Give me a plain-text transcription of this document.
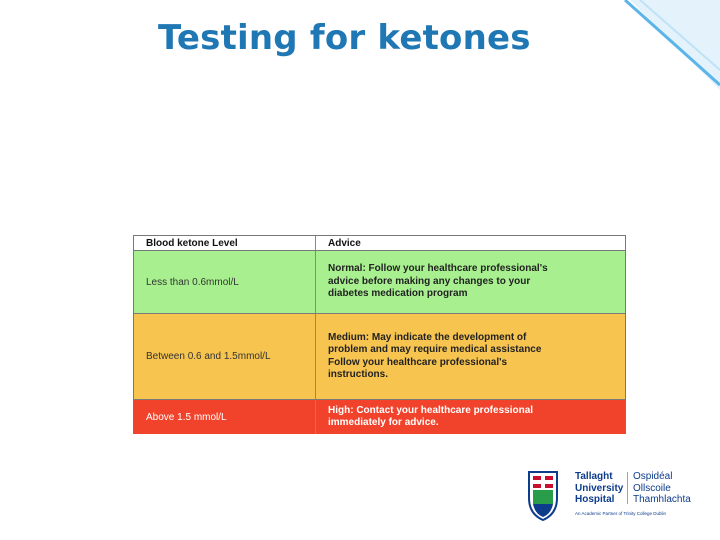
Testing for ketones
Blood ketone Level	Advice
Less than 0.6mmol/L
Normal: Follow your healthcare professional's
advice before making any changes to your
diabetes medication program
Between 0.6 and 1.5mmol/L
Medium: May indicate the development of
problem and may require medical assistance
Follow your healthcare professional's
instructions.
Above 1.5 mmol/L
High: Contact your healthcare professional
immediately for advice.
Tallaght
University
Hospital
Ospidéal
Ollscoile
Thamhlachta
An Academic Partner of Trinity College Dublin
